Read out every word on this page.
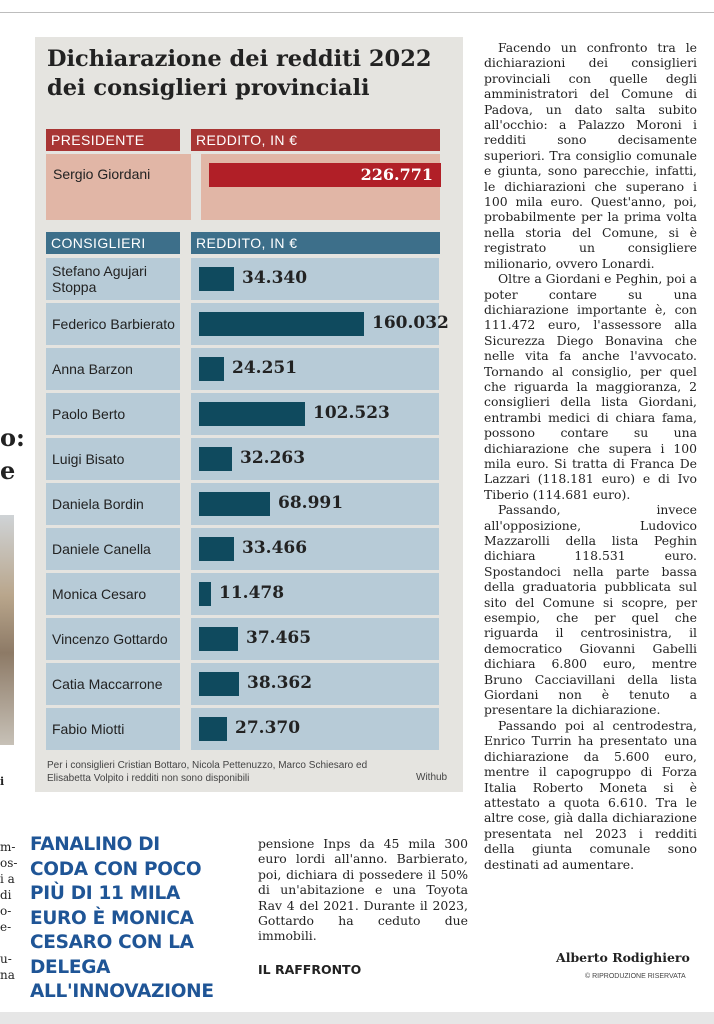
o:
e
i
m-
os-
i a
di
o-
e-
u-
na
Dichiarazione dei redditi 2022 dei consiglieri provinciali
PRESIDENTE	REDDITO, IN €
Sergio Giordani	226.771
CONSIGLIERI	REDDITO, IN €
Stefano Agujari Stoppa	34.340
Federico Barbierato	160.032
Anna Barzon	24.251
Paolo Berto	102.523
Luigi Bisato	32.263
Daniela Bordin	68.991
Daniele Canella	33.466
Monica Cesaro	11.478
Vincenzo Gottardo	37.465
Catia Maccarrone	38.362
Fabio Miotti	27.370
Per i consiglieri Cristian Bottaro, Nicola Pettenuzzo, Marco Schiesaro ed Elisabetta Volpito i redditi non sono disponibili	Withub
FANALINO DI CODA CON POCO PIÙ DI 11 MILA EURO È MONICA CESARO CON LA DELEGA ALL'INNOVAZIONE

pensione Inps da 45 mila 300 euro lordi all'anno. Barbierato, poi, dichiara di possedere il 50% di un'abitazione e una Toyota Rav 4 del 2021. Durante il 2023, Gottardo ha ceduto due immobili.

IL RAFFRONTO

Facendo un confronto tra le dichiarazioni dei consiglieri provinciali con quelle degli amministratori del Comune di Padova, un dato salta subito all'occhio: a Palazzo Moroni i redditi sono decisamente superiori. Tra consiglio comunale e giunta, sono parecchie, infatti, le dichiarazioni che superano i 100 mila euro. Quest'anno, poi, probabilmente per la prima volta nella storia del Comune, si è registrato un consigliere milionario, ovvero Lonardi.

Oltre a Giordani e Peghin, poi a poter contare su una dichiarazione importante è, con 111.472 euro, l'assessore alla Sicurezza Diego Bonavina che nelle vita fa anche l'avvocato. Tornando al consiglio, per quel che riguarda la maggioranza, 2 consiglieri della lista Giordani, entrambi medici di chiara fama, possono contare su una dichiarazione che supera i 100 mila euro. Si tratta di Franca De Lazzari (118.181 euro) e di Ivo Tiberio (114.681 euro).

Passando, invece all'opposizione, Ludovico Mazzarolli della lista Peghin dichiara 118.531 euro. Spostandoci nella parte bassa della graduatoria pubblicata sul sito del Comune si scopre, per esempio, che per quel che riguarda il centrosinistra, il democratico Giovanni Gabelli dichiara 6.800 euro, mentre Bruno Cacciavillani della lista Giordani non è tenuto a presentare la dichiarazione.

Passando poi al centrodestra, Enrico Turrin ha presentato una dichiarazione da 5.600 euro, mentre il capogruppo di Forza Italia Roberto Moneta si è attestato a quota 6.610. Tra le altre cose, già dalla dichiarazione presentata nel 2023 i redditi della giunta comunale sono destinati ad aumentare.

Alberto Rodighiero
© RIPRODUZIONE RISERVATA
